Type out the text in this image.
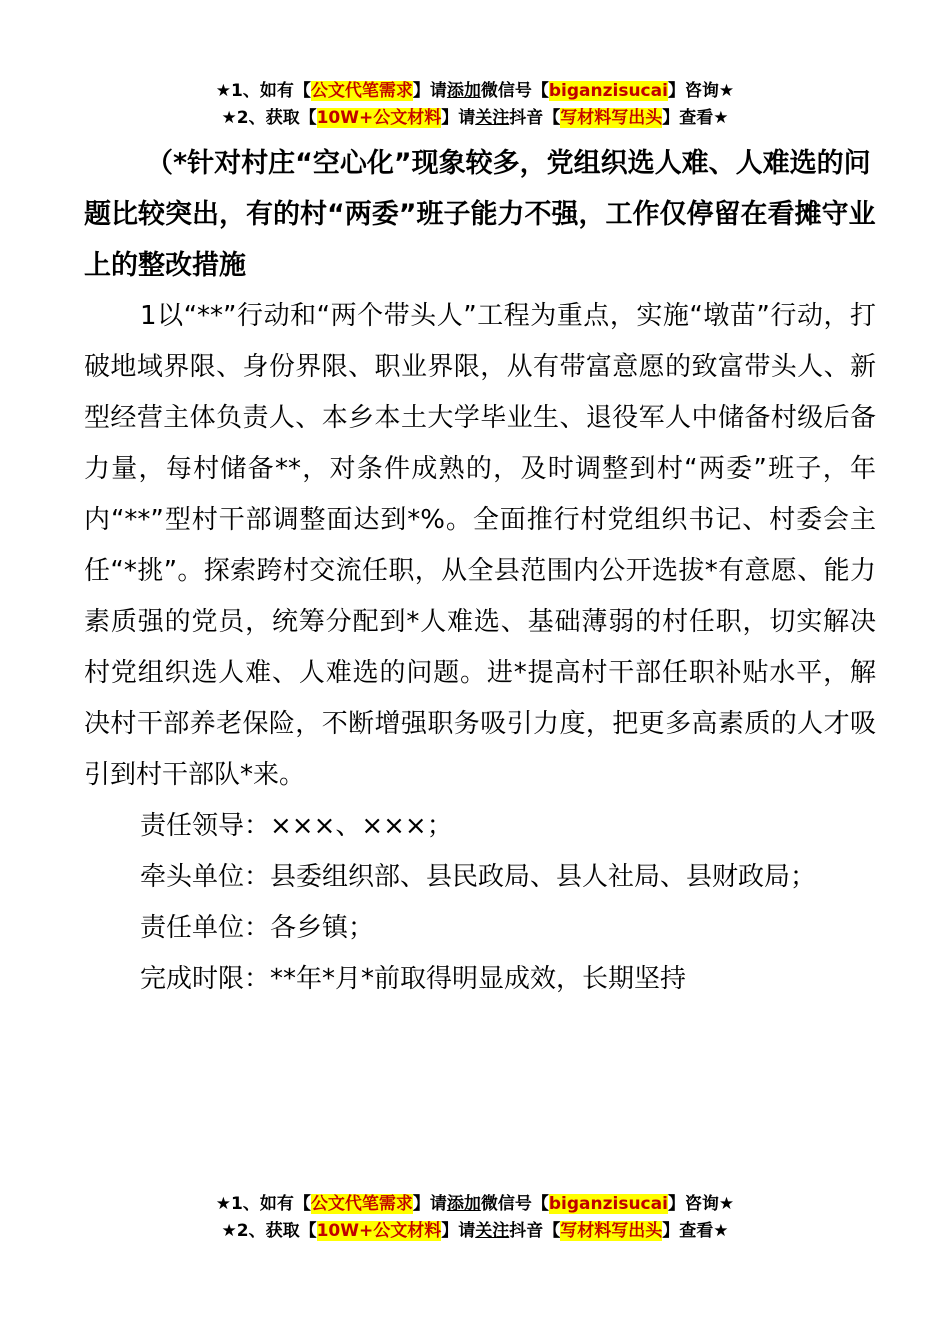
★1、如有【公文代笔需求】请添加微信号【biganzisucai】咨询★
★2、获取【10W+公文材料】请关注抖音【写材料写出头】查看★

（*针对村庄“空心化”现象较多，党组织选人难、人难选的问题比较突出，有的村“两委”班子能力不强，工作仅停留在看摊守业上的整改措施

1以“**”行动和“两个带头人”工程为重点，实施“墩苗”行动，打破地域界限、身份界限、职业界限，从有带富意愿的致富带头人、新型经营主体负责人、本乡本土大学毕业生、退役军人中储备村级后备力量，每村储备**，对条件成熟的，及时调整到村“两委”班子，年内“**”型村干部调整面达到*%。全面推行村党组织书记、村委会主任“*挑”。探索跨村交流任职，从全县范围内公开选拔*有意愿、能力素质强的党员，统筹分配到*人难选、基础薄弱的村任职，切实解决村党组织选人难、人难选的问题。进*提高村干部任职补贴水平，解决村干部养老保险，不断增强职务吸引力度，把更多高素质的人才吸引到村干部队*来。

责任领导：×××、×××；

牵头单位：县委组织部、县民政局、县人社局、县财政局；

责任单位：各乡镇；

完成时限：**年*月*前取得明显成效，长期坚持

★1、如有【公文代笔需求】请添加微信号【biganzisucai】咨询★
★2、获取【10W+公文材料】请关注抖音【写材料写出头】查看★
